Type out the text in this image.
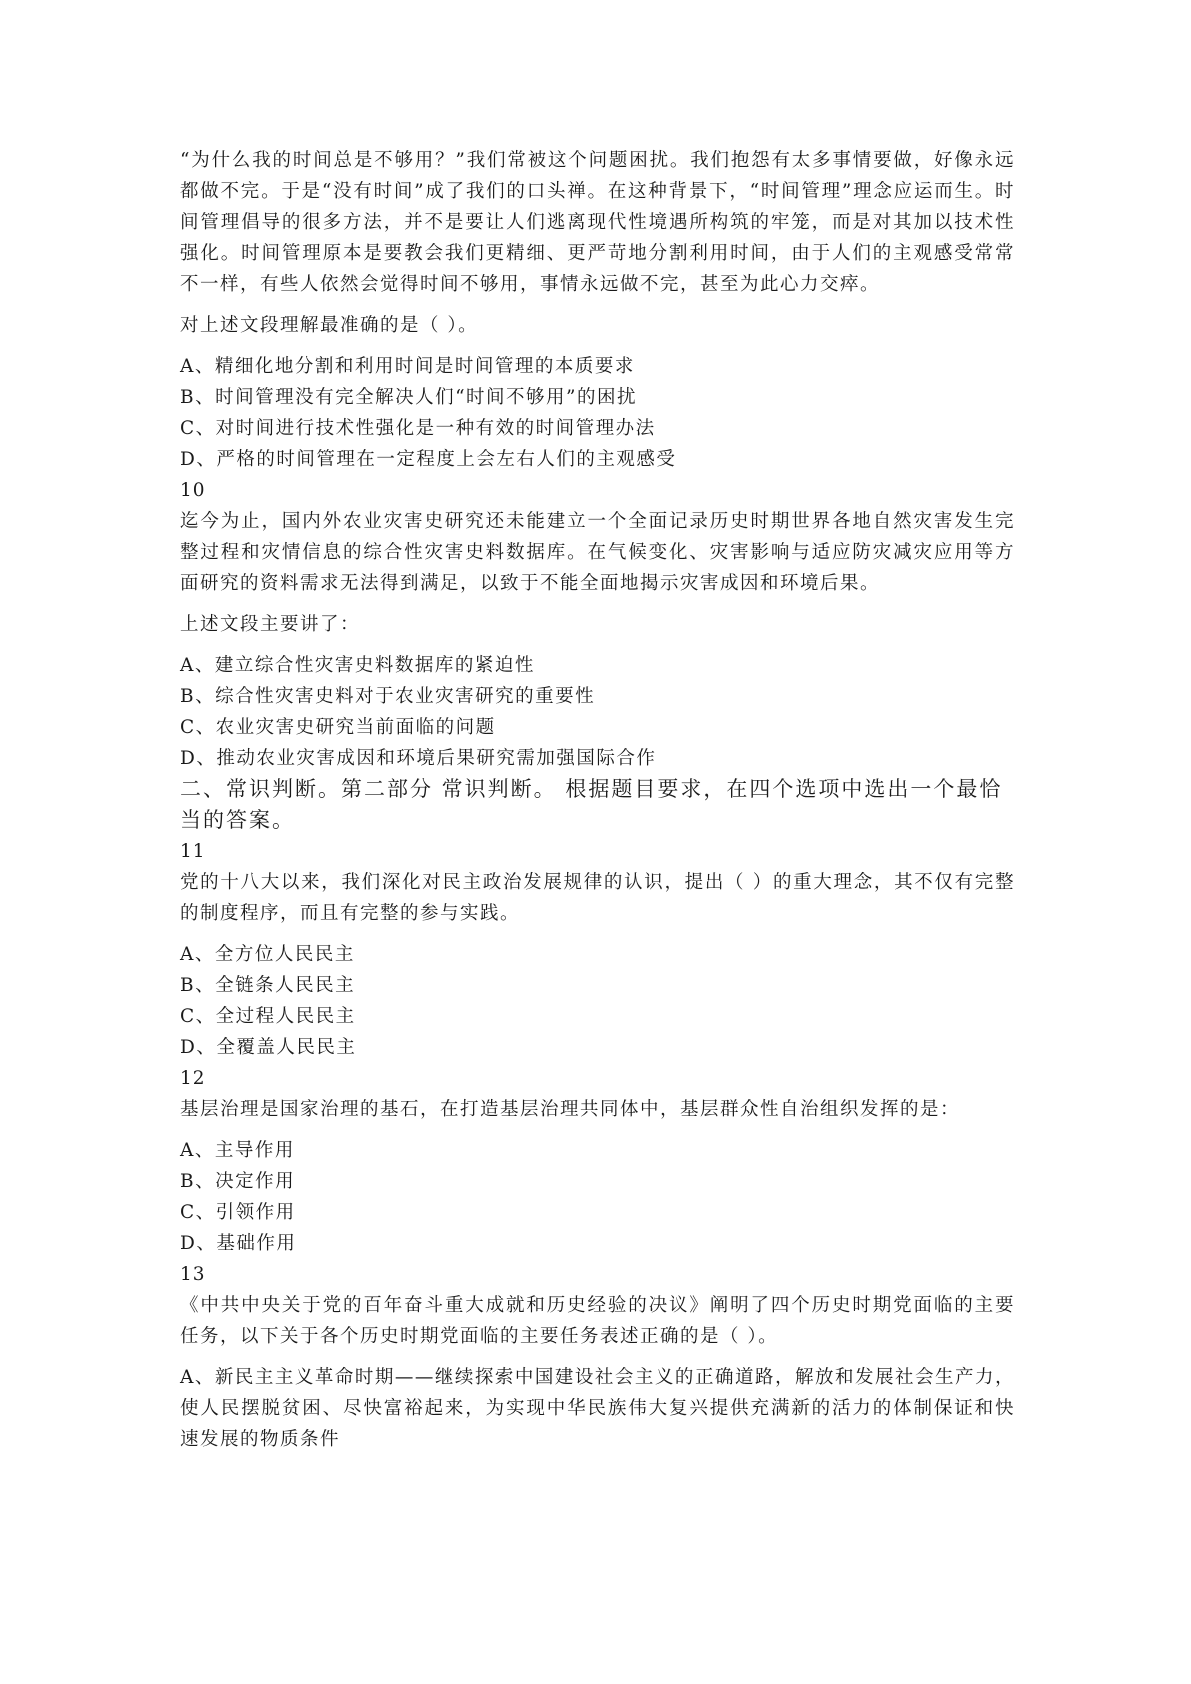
“为什么我的时间总是不够用？”我们常被这个问题困扰。我们抱怨有太多事情要做，好像永远都做不完。于是“没有时间”成了我们的口头禅。在这种背景下，“时间管理”理念应运而生。时间管理倡导的很多方法，并不是要让人们逃离现代性境遇所构筑的牢笼，而是对其加以技术性强化。时间管理原本是要教会我们更精细、更严苛地分割利用时间，由于人们的主观感受常常不一样，有些人依然会觉得时间不够用，事情永远做不完，甚至为此心力交瘁。

对上述文段理解最准确的是（ ）。

A、精细化地分割和利用时间是时间管理的本质要求

B、时间管理没有完全解决人们“时间不够用”的困扰

C、对时间进行技术性强化是一种有效的时间管理办法

D、严格的时间管理在一定程度上会左右人们的主观感受

10

迄今为止，国内外农业灾害史研究还未能建立一个全面记录历史时期世界各地自然灾害发生完整过程和灾情信息的综合性灾害史料数据库。在气候变化、灾害影响与适应防灾减灾应用等方面研究的资料需求无法得到满足，以致于不能全面地揭示灾害成因和环境后果。

上述文段主要讲了：

A、建立综合性灾害史料数据库的紧迫性

B、综合性灾害史料对于农业灾害研究的重要性

C、农业灾害史研究当前面临的问题

D、推动农业灾害成因和环境后果研究需加强国际合作

二、常识判断。第二部分 常识判断。 根据题目要求，在四个选项中选出一个最恰当的答案。

11

党的十八大以来，我们深化对民主政治发展规律的认识，提出（ ）的重大理念，其不仅有完整的制度程序，而且有完整的参与实践。

A、全方位人民民主

B、全链条人民民主

C、全过程人民民主

D、全覆盖人民民主

12

基层治理是国家治理的基石，在打造基层治理共同体中，基层群众性自治组织发挥的是：

A、主导作用

B、决定作用

C、引领作用

D、基础作用

13

《中共中央关于党的百年奋斗重大成就和历史经验的决议》阐明了四个历史时期党面临的主要任务，以下关于各个历史时期党面临的主要任务表述正确的是（ ）。

A、新民主主义革命时期——继续探索中国建设社会主义的正确道路，解放和发展社会生产力，使人民摆脱贫困、尽快富裕起来，为实现中华民族伟大复兴提供充满新的活力的体制保证和快速发展的物质条件
